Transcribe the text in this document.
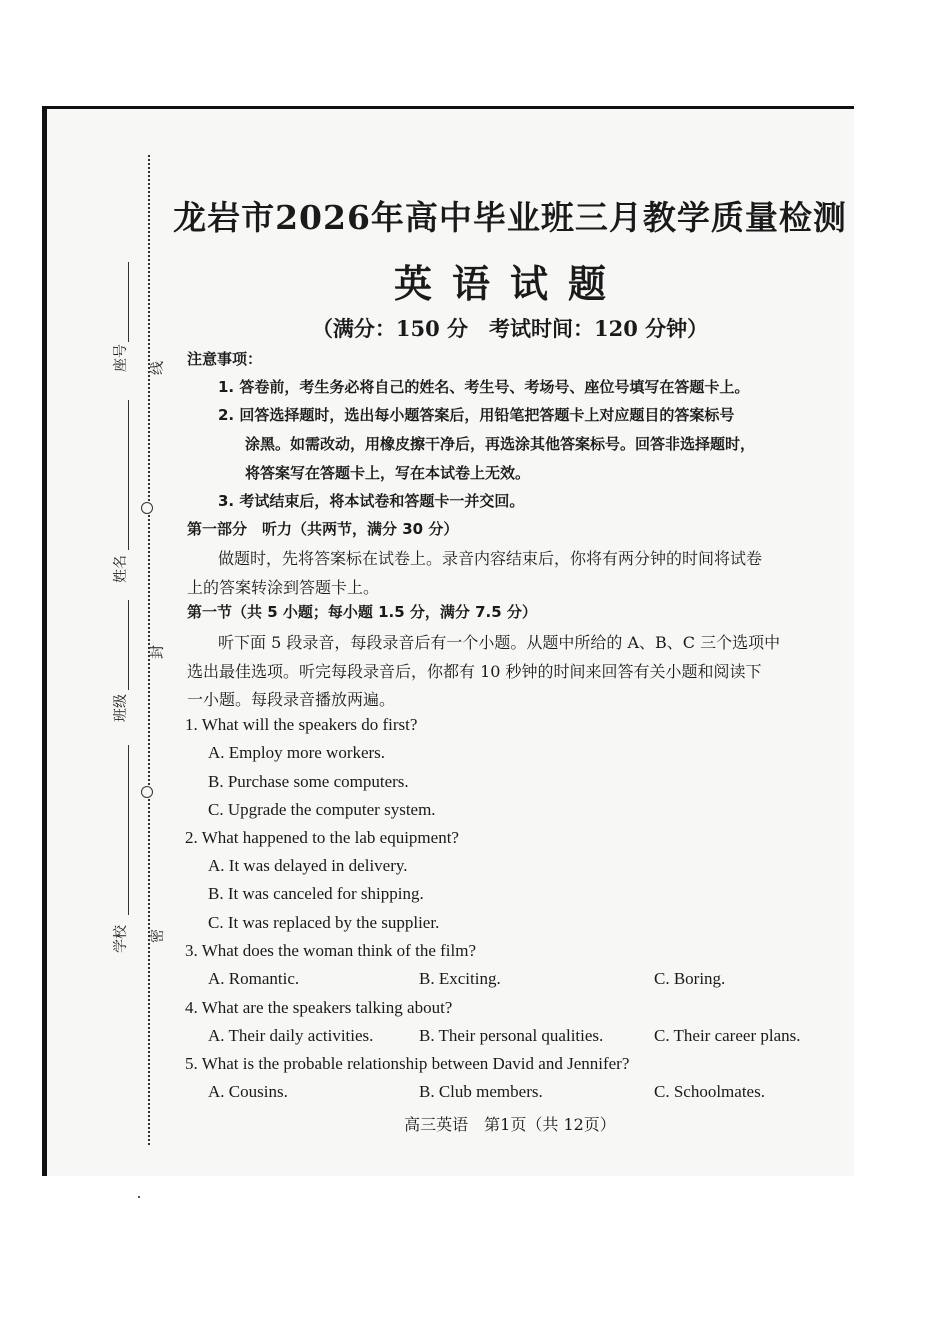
座号
姓名
班级
学校
线
封
密
龙岩市2026年高中毕业班三月教学质量检测
英语试题
（满分：150 分　考试时间：120 分钟）
注意事项：
1. 答卷前，考生务必将自己的姓名、考生号、考场号、座位号填写在答题卡上。
2. 回答选择题时，选出每小题答案后，用铅笔把答题卡上对应题目的答案标号
涂黑。如需改动，用橡皮擦干净后，再选涂其他答案标号。回答非选择题时，
将答案写在答题卡上，写在本试卷上无效。
3. 考试结束后，将本试卷和答题卡一并交回。
第一部分　听力（共两节，满分 30 分）
做题时，先将答案标在试卷上。录音内容结束后，你将有两分钟的时间将试卷
上的答案转涂到答题卡上。
第一节（共 5 小题；每小题 1.5 分，满分 7.5 分）
听下面 5 段录音，每段录音后有一个小题。从题中所给的 A、B、C 三个选项中
选出最佳选项。听完每段录音后，你都有 10 秒钟的时间来回答有关小题和阅读下
一小题。每段录音播放两遍。
1. What will the speakers do first?
A. Employ more workers.
B. Purchase some computers.
C. Upgrade the computer system.
2. What happened to the lab equipment?
A. It was delayed in delivery.
B. It was canceled for shipping.
C. It was replaced by the supplier.
3. What does the woman think of the film?
A. Romantic.	B. Exciting.	C. Boring.
4. What are the speakers talking about?
A. Their daily activities.	B. Their personal qualities.	C. Their career plans.
5. What is the probable relationship between David and Jennifer?
A. Cousins.	B. Club members.	C. Schoolmates.
高三英语　第1页（共 12页）
